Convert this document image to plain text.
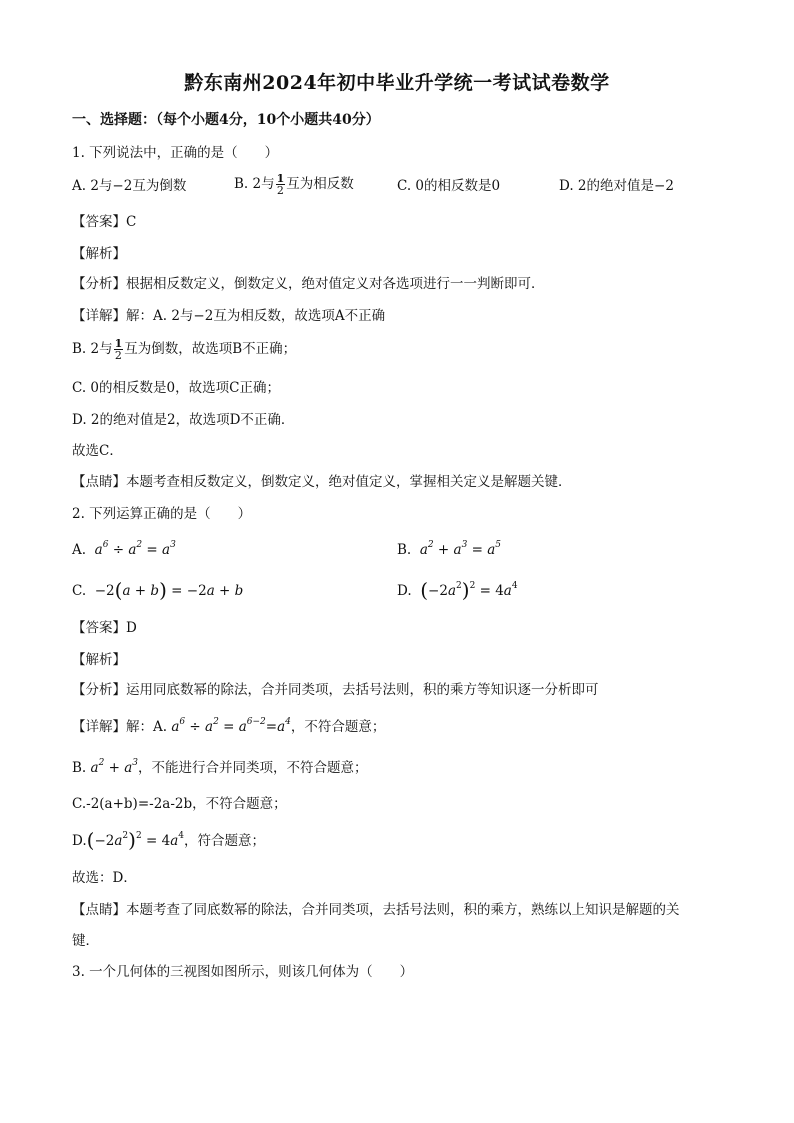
黔东南州2024年初中毕业升学统一考试试卷数学
一、选择题：（每个小题4分，10个小题共40分）
1. 下列说法中，正确的是（　　）
A. 2与−2互为倒数	B. 2与 $\frac{1}{2}$ 互为相反数	C. 0的相反数是0	D. 2的绝对值是−2
【答案】C
【解析】
【分析】根据相反数定义，倒数定义，绝对值定义对各选项进行一一判断即可．
【详解】解：A. 2与−2互为相反数，故选项A不正确
B. 2与 $\frac{1}{2}$ 互为倒数，故选项B不正确；
C. 0的相反数是0，故选项C正确；
D. 2的绝对值是2，故选项D不正确．
故选C．
【点睛】本题考查相反数定义，倒数定义，绝对值定义，掌握相关定义是解题关键．
2. 下列运算正确的是（　　）
A. $a^6 \div a^2 = a^3$	B. $a^2 + a^3 = a^5$
C. −2(a + b) = −2a + b	D. $(-2a^2)^2 = 4a^4$
【答案】D
【解析】
【分析】运用同底数幂的除法，合并同类项，去括号法则，积的乘方等知识逐一分析即可
【详解】解：A. $a^6 \div a^2 = a^{6-2}=a^4$，不符合题意；
B. $a^2 + a^3$，不能进行合并同类项，不符合题意；
C.-2(a+b)=-2a-2b，不符合题意；
$D.(-2a^2)^2 = 4a^4$，符合题意；
故选：D．
【点睛】本题考查了同底数幂的除法，合并同类项，去括号法则，积的乘方，熟练以上知识是解题的关
键．
3. 一个几何体的三视图如图所示，则该几何体为（　　）
